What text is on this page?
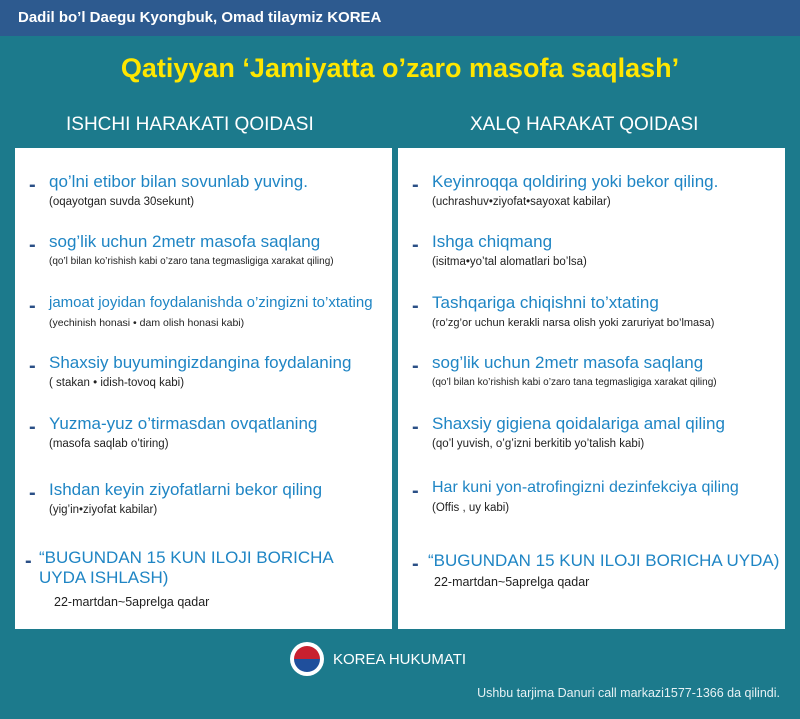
Dadil bo’l Daegu Kyongbuk, Omad tilaymiz KOREA
Qatiyyan ‘Jamiyatta o’zaro masofa saqlash’
ISHCHI HARAKATI QOIDASI	XALQ HARAKAT QOIDASI
- qo’lni etibor bilan sovunlab yuving.
(oqayotgan suvda 30sekunt)
- sog’lik uchun 2metr masofa saqlang
(qo’l bilan ko’rishish kabi o’zaro tana tegmasligiga xarakat qiling)
- jamoat joyidan foydalanishda o’zingizni to’xtating
(yechinish honasi • dam olish honasi kabi)
- Shaxsiy buyumingizdangina foydalaning
( stakan • idish-tovoq kabi)
- Yuzma-yuz o’tirmasdan ovqatlaning
(masofa saqlab o’tiring)
- Ishdan keyin ziyofatlarni bekor qiling
(yig’in•ziyofat kabilar)
- “BUGUNDAN 15 KUN ILOJI BORICHA UYDA ISHLASH)
22-martdan~5aprelga qadar
- Keyinroqqa qoldiring yoki bekor qiling.
(uchrashuv•ziyofat•sayoxat kabilar)
- Ishga chiqmang
(isitma•yo’tal alomatlari bo’lsa)
- Tashqariga chiqishni to’xtating
(ro’zg’or uchun kerakli narsa olish yoki zaruriyat bo’lmasa)
- sog’lik uchun 2metr masofa saqlang
(qo’l bilan ko’rishish kabi o’zaro tana tegmasligiga xarakat qiling)
- Shaxsiy gigiena qoidalariga amal qiling
(qo’l yuvish, o’g’izni berkitib yo’talish kabi)
- Har kuni yon-atrofingizni dezinfekciya qiling
(Offis , uy kabi)
- “BUGUNDAN 15 KUN ILOJI BORICHA UYDA)
22-martdan~5aprelga qadar
KOREA HUKUMATI
Ushbu tarjima Danuri call markazi1577-1366 da qilindi.
